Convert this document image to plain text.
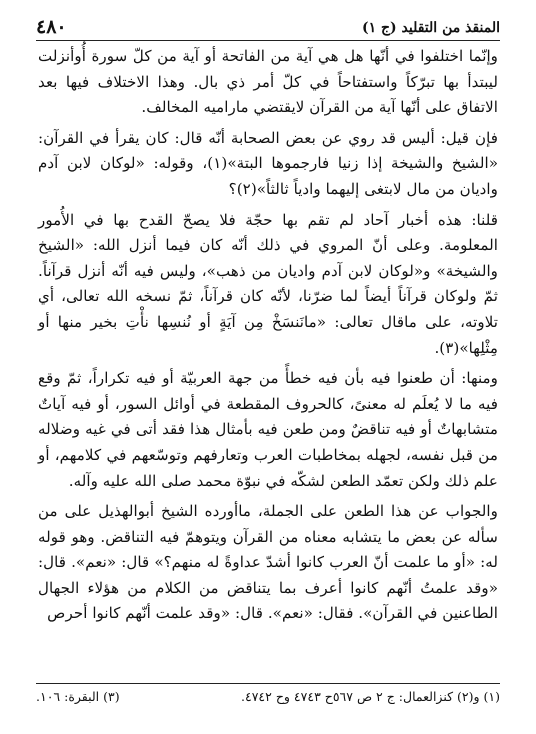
المنقذ من التقليد (ج ١)
٤٨٠

وإنّما اختلفوا في أنّها هل هي آية من الفاتحة أو آية من كلّ سورة أُوأنزلت ليبتدأ بها تبرّكاً واستفتاحاً في كلّ أمر ذي بال. وهذا الاختلاف فيها بعد الاتفاق على أنّها آية من القرآن لايقتضي ماراميه المخالف.

فإن قيل: أليس قد روي عن بعض الصحابة أنّه قال: كان يقرأ في القرآن: «الشيخ والشيخة إذا زنيا فارجموها البتة»(١)، وقوله: «لوكان لابن آدم واديان من مال لابتغى إليهما وادياً ثالثاً»(٢)؟

قلنا: هذه أخبار آحاد لم تقم بها حجّة فلا يصحّ القدح بها في الأُمور المعلومة. وعلى أنّ المروي في ذلك أنّه كان فيما أنزل الله: «الشيخ والشيخة» و«لوكان لابن آدم واديان من ذهب»، وليس فيه أنّه أنزل قرآناً. ثمّ ولوكان قرآناً أيضاً لما ضرّنا، لأنّه كان قرآناً، ثمّ نسخه الله تعالى، أي تلاوته، على ماقال تعالى: «مانَنسَخْ مِن آيَةٍ أو نُنسِها نأْتِ بخير منها أو مِثْلِها»(٣).

ومنها: أن طعنوا فيه بأن فيه خطأً من جهة العربيّة أو فيه تكراراً، ثمّ وقع فيه ما لا يُعلَم له معنىً، كالحروف المقطعة في أوائل السور، أو فيه آياتٌ متشابهاتٌ أو فيه تناقضٌ ومن طعن فيه بأمثال هذا فقد أتى في غيه وضلاله من قبل نفسه، لجهله بمخاطبات العرب وتعارفهم وتوسّعهم في كلامهم، أو علم ذلك ولكن تعمّد الطعن لشكّه في نبوّة محمد صلى الله عليه وآله.

والجواب عن هذا الطعن على الجملة، ماأورده الشيخ أبوالهذيل على من سأله عن بعض ما يتشابه معناه من القرآن ويتوهمّ فيه التناقض. وهو قوله له: «أو ما علمت أنّ العرب كانوا أشدّ عداوةً له منهم؟» قال: «نعم». قال: «وقد علمتُ أنّهم كانوا أعرف بما يتناقض من الكلام من هؤلاء الجهال الطاعنين في القرآن». فقال: «نعم». قال: «وقد علمت أنّهم كانوا أحرص

(١) و(٢) كنزالعمال: ج ٢ ص ٥٦٧ح ٤٧٤٣ وح ٤٧٤٢.
(٣) البقرة: ١٠٦.
